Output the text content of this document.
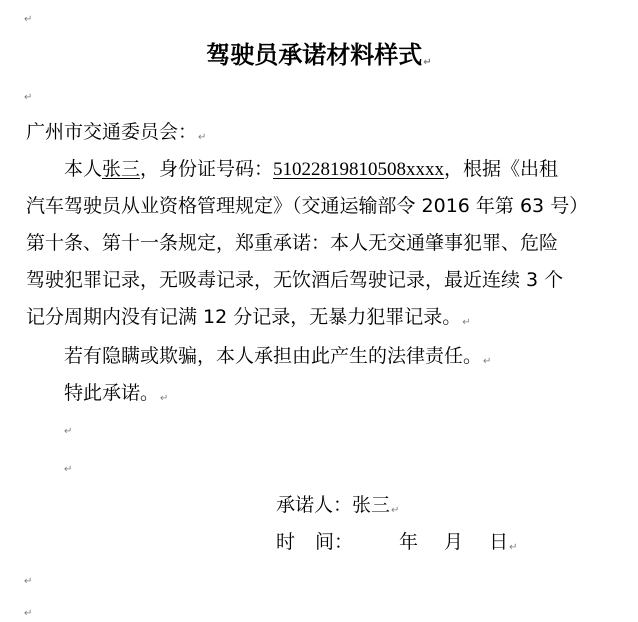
↵
驾驶员承诺材料样式↵
↵
广州市交通委员会：↵
本人张三，身份证号码：51022819810508xxxx，根据《出租
汽车驾驶员从业资格管理规定》（交通运输部令 2016 年第 63 号）
第十条、第十一条规定，郑重承诺：本人无交通肇事犯罪、危险
驾驶犯罪记录，无吸毒记录，无饮酒后驾驶记录，最近连续 3 个
记分周期内没有记满 12 分记录，无暴力犯罪记录。↵
若有隐瞒或欺骗，本人承担由此产生的法律责任。↵
特此承诺。↵
↵
↵
承诺人：张三↵
时 间： 年 月 日↵
↵
↵
